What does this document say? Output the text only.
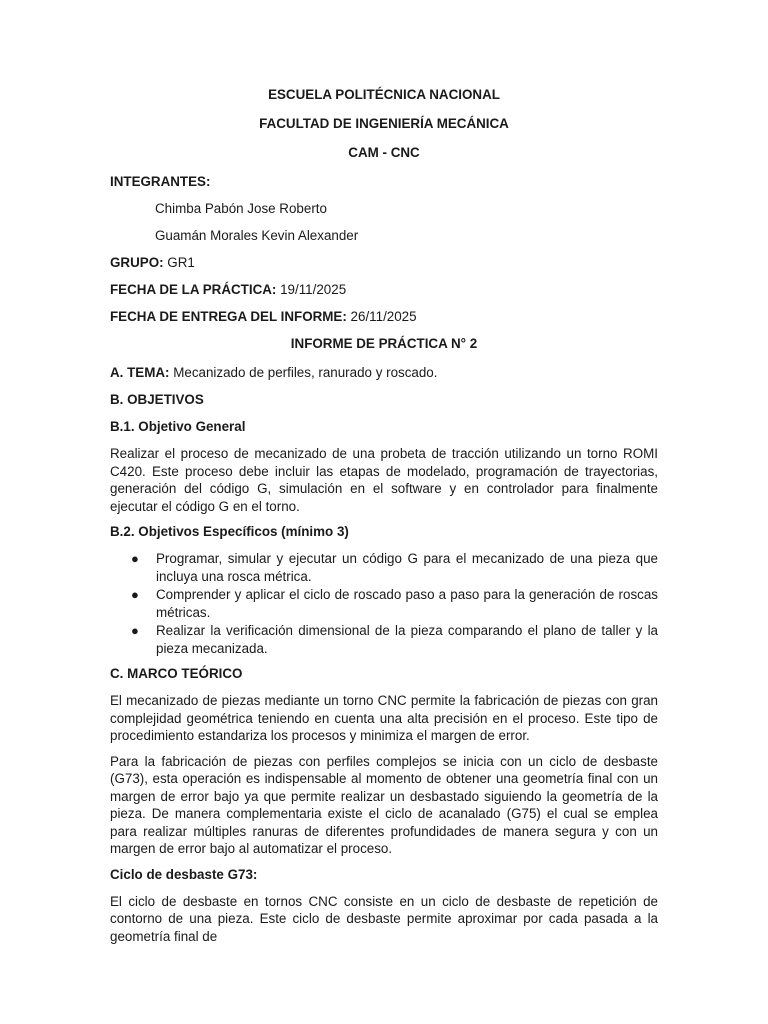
ESCUELA POLITÉCNICA NACIONAL
FACULTAD DE INGENIERÍA MECÁNICA
CAM - CNC
INTEGRANTES:
Chimba Pabón Jose Roberto
Guamán Morales Kevin Alexander
GRUPO: GR1
FECHA DE LA PRÁCTICA: 19/11/2025
FECHA DE ENTREGA DEL INFORME: 26/11/2025
INFORME DE PRÁCTICA N° 2
A. TEMA: Mecanizado de perfiles, ranurado y roscado.
B. OBJETIVOS
B.1. Objetivo General

Realizar el proceso de mecanizado de una probeta de tracción utilizando un torno ROMI C420. Este proceso debe incluir las etapas de modelado, programación de trayectorias, generación del código G, simulación en el software y en controlador para finalmente ejecutar el código G en el torno.

B.2. Objetivos Específicos (mínimo 3)
● Programar, simular y ejecutar un código G para el mecanizado de una pieza que incluya una rosca métrica.
● Comprender y aplicar el ciclo de roscado paso a paso para la generación de roscas métricas.
● Realizar la verificación dimensional de la pieza comparando el plano de taller y la pieza mecanizada.
C. MARCO TEÓRICO

El mecanizado de piezas mediante un torno CNC permite la fabricación de piezas con gran complejidad geométrica teniendo en cuenta una alta precisión en el proceso. Este tipo de procedimiento estandariza los procesos y minimiza el margen de error.

Para la fabricación de piezas con perfiles complejos se inicia con un ciclo de desbaste (G73), esta operación es indispensable al momento de obtener una geometría final con un margen de error bajo ya que permite realizar un desbastado siguiendo la geometría de la pieza. De manera complementaria existe el ciclo de acanalado (G75) el cual se emplea para realizar múltiples ranuras de diferentes profundidades de manera segura y con un margen de error bajo al automatizar el proceso.

Ciclo de desbaste G73:

El ciclo de desbaste en tornos CNC consiste en un ciclo de desbaste de repetición de contorno de una pieza. Este ciclo de desbaste permite aproximar por cada pasada a la geometría final de
